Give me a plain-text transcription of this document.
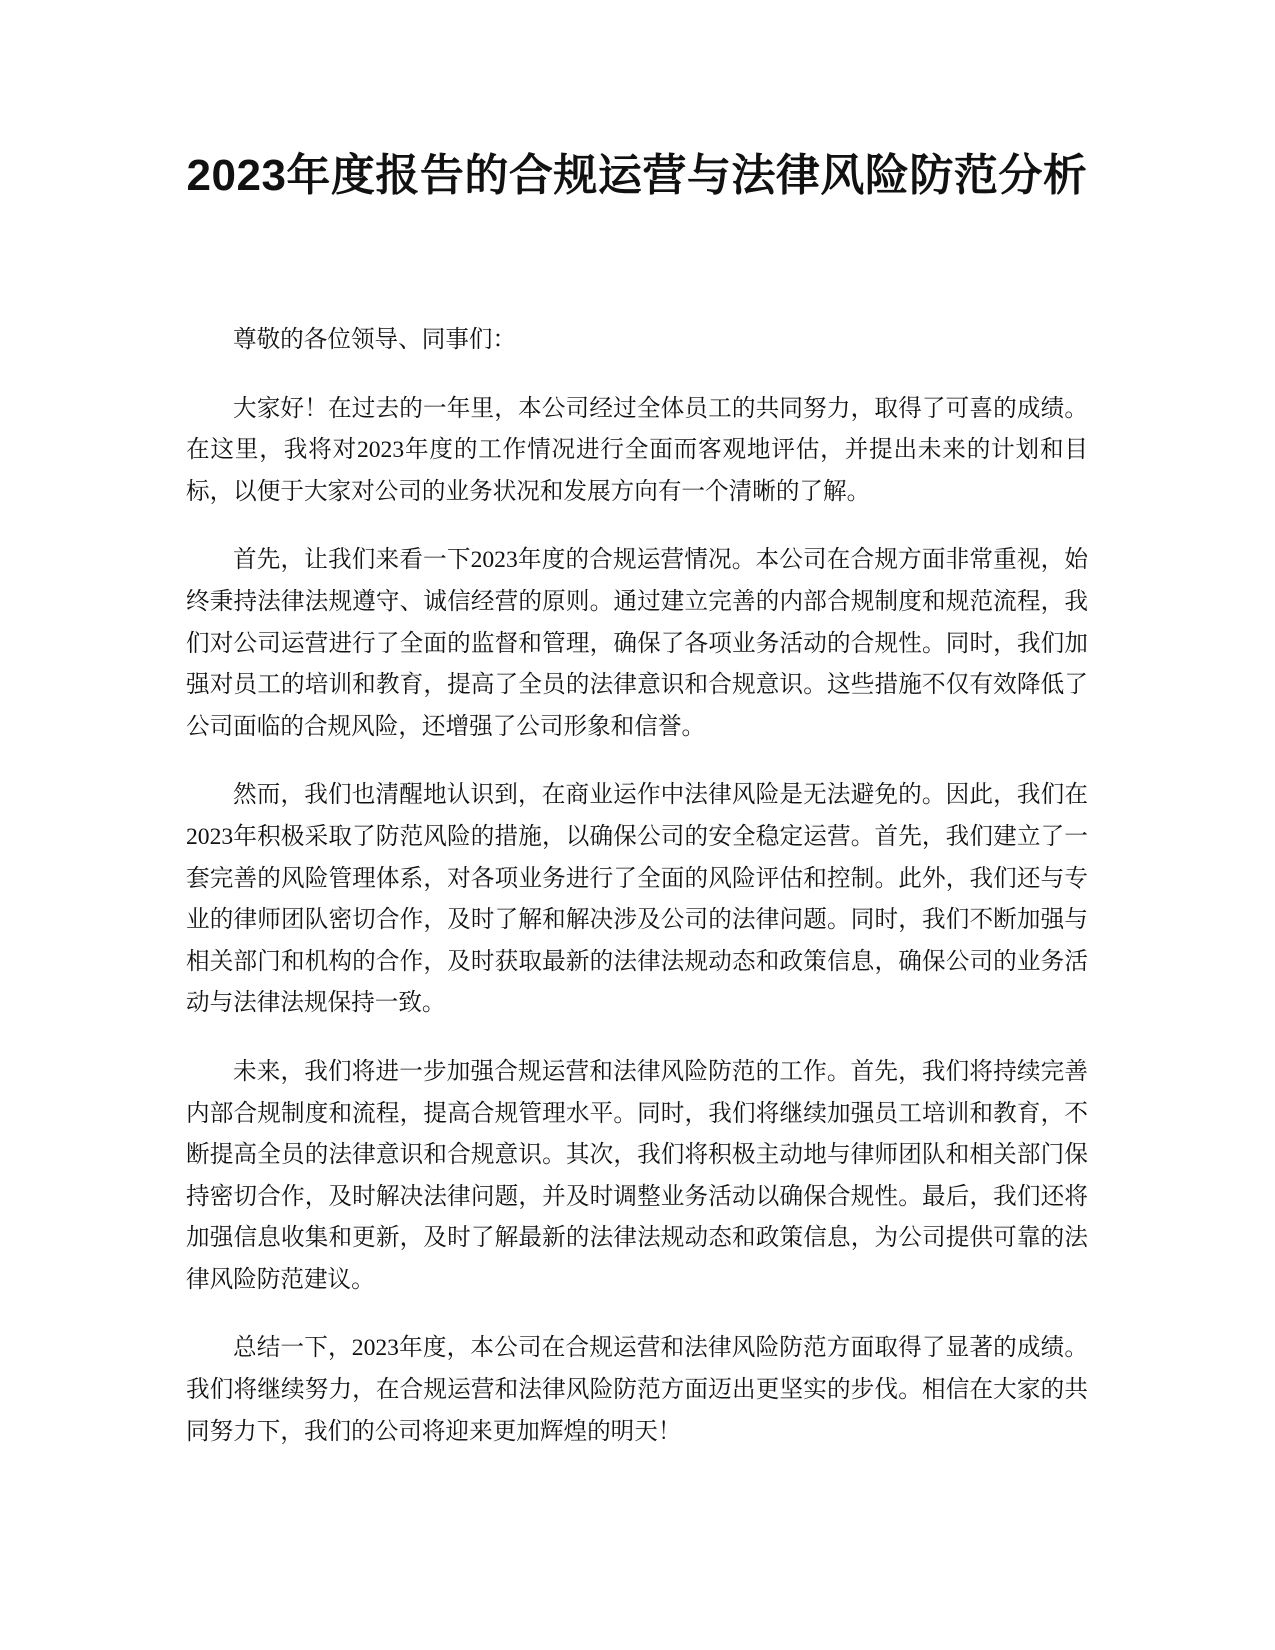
2023年度报告的合规运营与法律风险防范分析

尊敬的各位领导、同事们：

大家好！在过去的一年里，本公司经过全体员工的共同努力，取得了可喜的成绩。在这里，我将对2023年度的工作情况进行全面而客观地评估，并提出未来的计划和目标，以便于大家对公司的业务状况和发展方向有一个清晰的了解。

首先，让我们来看一下2023年度的合规运营情况。本公司在合规方面非常重视，始终秉持法律法规遵守、诚信经营的原则。通过建立完善的内部合规制度和规范流程，我们对公司运营进行了全面的监督和管理，确保了各项业务活动的合规性。同时，我们加强对员工的培训和教育，提高了全员的法律意识和合规意识。这些措施不仅有效降低了公司面临的合规风险，还增强了公司形象和信誉。

然而，我们也清醒地认识到，在商业运作中法律风险是无法避免的。因此，我们在2023年积极采取了防范风险的措施，以确保公司的安全稳定运营。首先，我们建立了一套完善的风险管理体系，对各项业务进行了全面的风险评估和控制。此外，我们还与专业的律师团队密切合作，及时了解和解决涉及公司的法律问题。同时，我们不断加强与相关部门和机构的合作，及时获取最新的法律法规动态和政策信息，确保公司的业务活动与法律法规保持一致。

未来，我们将进一步加强合规运营和法律风险防范的工作。首先，我们将持续完善内部合规制度和流程，提高合规管理水平。同时，我们将继续加强员工培训和教育，不断提高全员的法律意识和合规意识。其次，我们将积极主动地与律师团队和相关部门保持密切合作，及时解决法律问题，并及时调整业务活动以确保合规性。最后，我们还将加强信息收集和更新，及时了解最新的法律法规动态和政策信息，为公司提供可靠的法律风险防范建议。

总结一下，2023年度，本公司在合规运营和法律风险防范方面取得了显著的成绩。我们将继续努力，在合规运营和法律风险防范方面迈出更坚实的步伐。相信在大家的共同努力下，我们的公司将迎来更加辉煌的明天！
